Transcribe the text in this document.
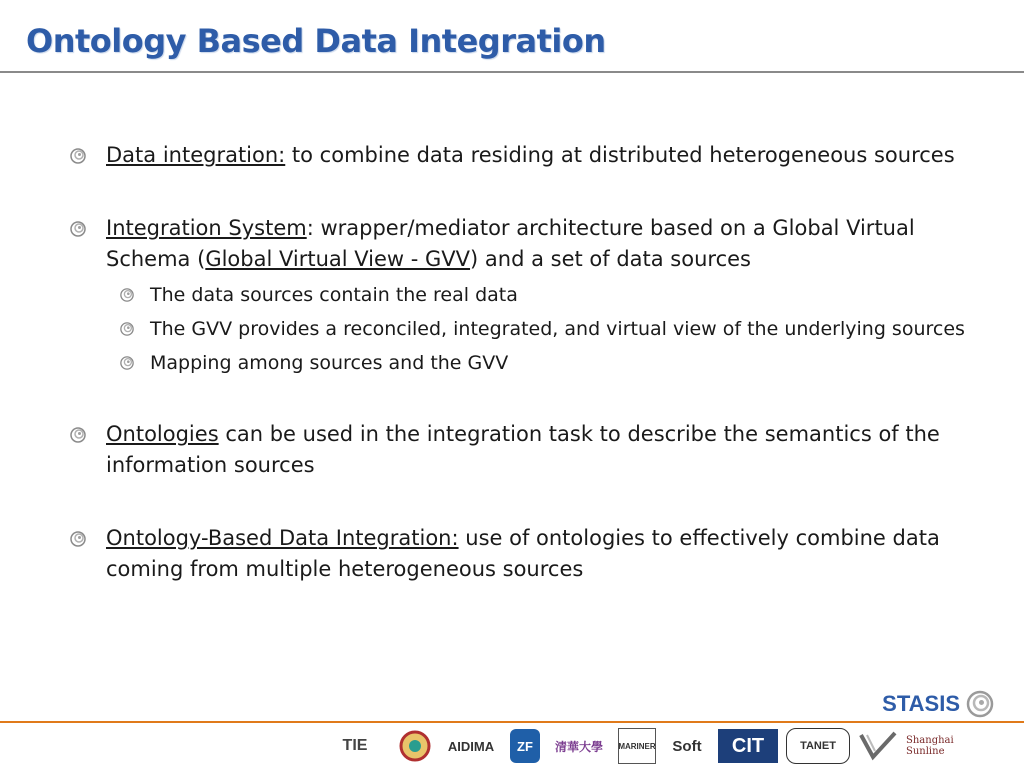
Ontology Based Data Integration
Data integration: to combine data residing at distributed heterogeneous sources
Integration System: wrapper/mediator architecture based on a Global Virtual Schema (Global Virtual View - GVV) and a set of data sources
The data sources contain the real data
The GVV provides a reconciled, integrated, and virtual view of the underlying sources
Mapping among sources and the GVV
Ontologies can be used in the integration task to describe the semantics of the information sources
Ontology-Based Data Integration: use of ontologies to effectively combine data coming from multiple heterogeneous sources
STASIS
TIE	AIDIMA	ZF	清華大學	MARINER	Soft	CIT	TANET	Shanghai Sunline
